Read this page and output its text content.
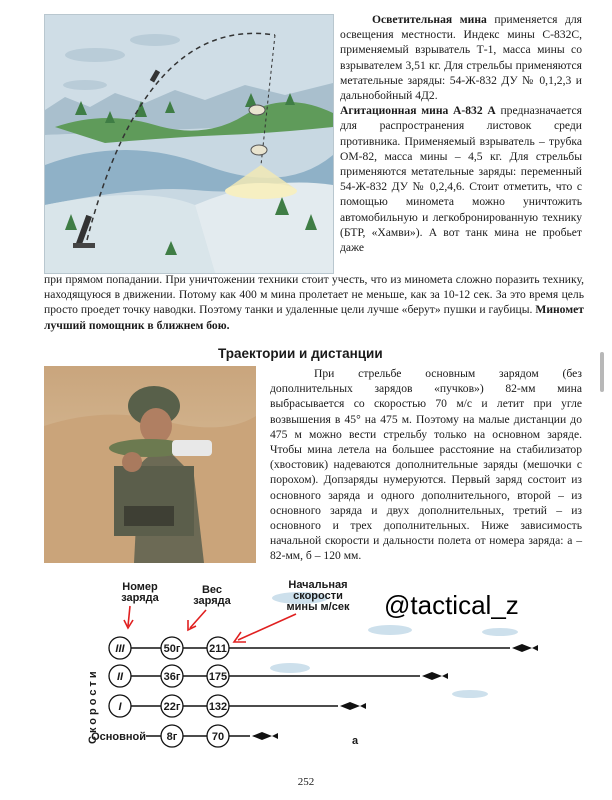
Осветительная мина применяется для освещения местности. Индекс мины С-832С, применяемый взрыватель Т-1, масса мины со взрывателем 3,51 кг. Для стрельбы применяются метательные заряды: 54-Ж-832 ДУ № 0,1,2,3 и дальнобойный 4Д2.

Агитационная мина А-832 А предназначается для распространения листовок среди противника. Применяемый взрыватель – трубка ОМ-82, масса мины – 4,5 кг. Для стрельбы применяются метательные заряды: переменный 54-Ж-832 ДУ № 0,2,4,6. Стоит отметить, что с помощью миномета можно уничтожить автомобильную и легкобронированную технику (БТР, «Хамви»). А вот танк мина не пробьет даже

при прямом попадании. При уничтожении техники стоит учесть, что из миномета сложно поразить технику, находящуюся в движении. Потому как 400 м мина пролетает не меньше, как за 10-12 сек. За это время цель просто проедет точку наводки. Поэтому танки и удаленные цели лучше «берут» пушки и гаубицы. Миномет лучший помощник в ближнем бою.

Траектории и дистанции

При стрельбе основным зарядом (без дополнительных зарядов «пучков») 82-мм мина выбрасывается со скоростью 70 м/с и летит при угле возвышения в 45° на 475 м. Поэтому на малые дистанции до 475 м можно вести стрельбу только на основном заряде. Чтобы мина летела на большее расстояние на стабилизатор (хвостовик) надеваются дополнительные заряды (мешочки с порохом). Допзаряды нумеруются. Первый заряд состоит из основного заряда и одного дополнительного, второй – из основного заряда и двух дополнительных, третий – из основного и трех дополнительных. Ниже зависимость начальной скорости и дальности полета от номера заряда: а – 82-мм, б – 120 мм.

Номер
заряда
Вес
заряда
Начальная
скорости
мины м/сек
Скорости
III	50г	211
II	36г	175
I	22г	132
Основной 8г	70	а
@tactical_z
252
